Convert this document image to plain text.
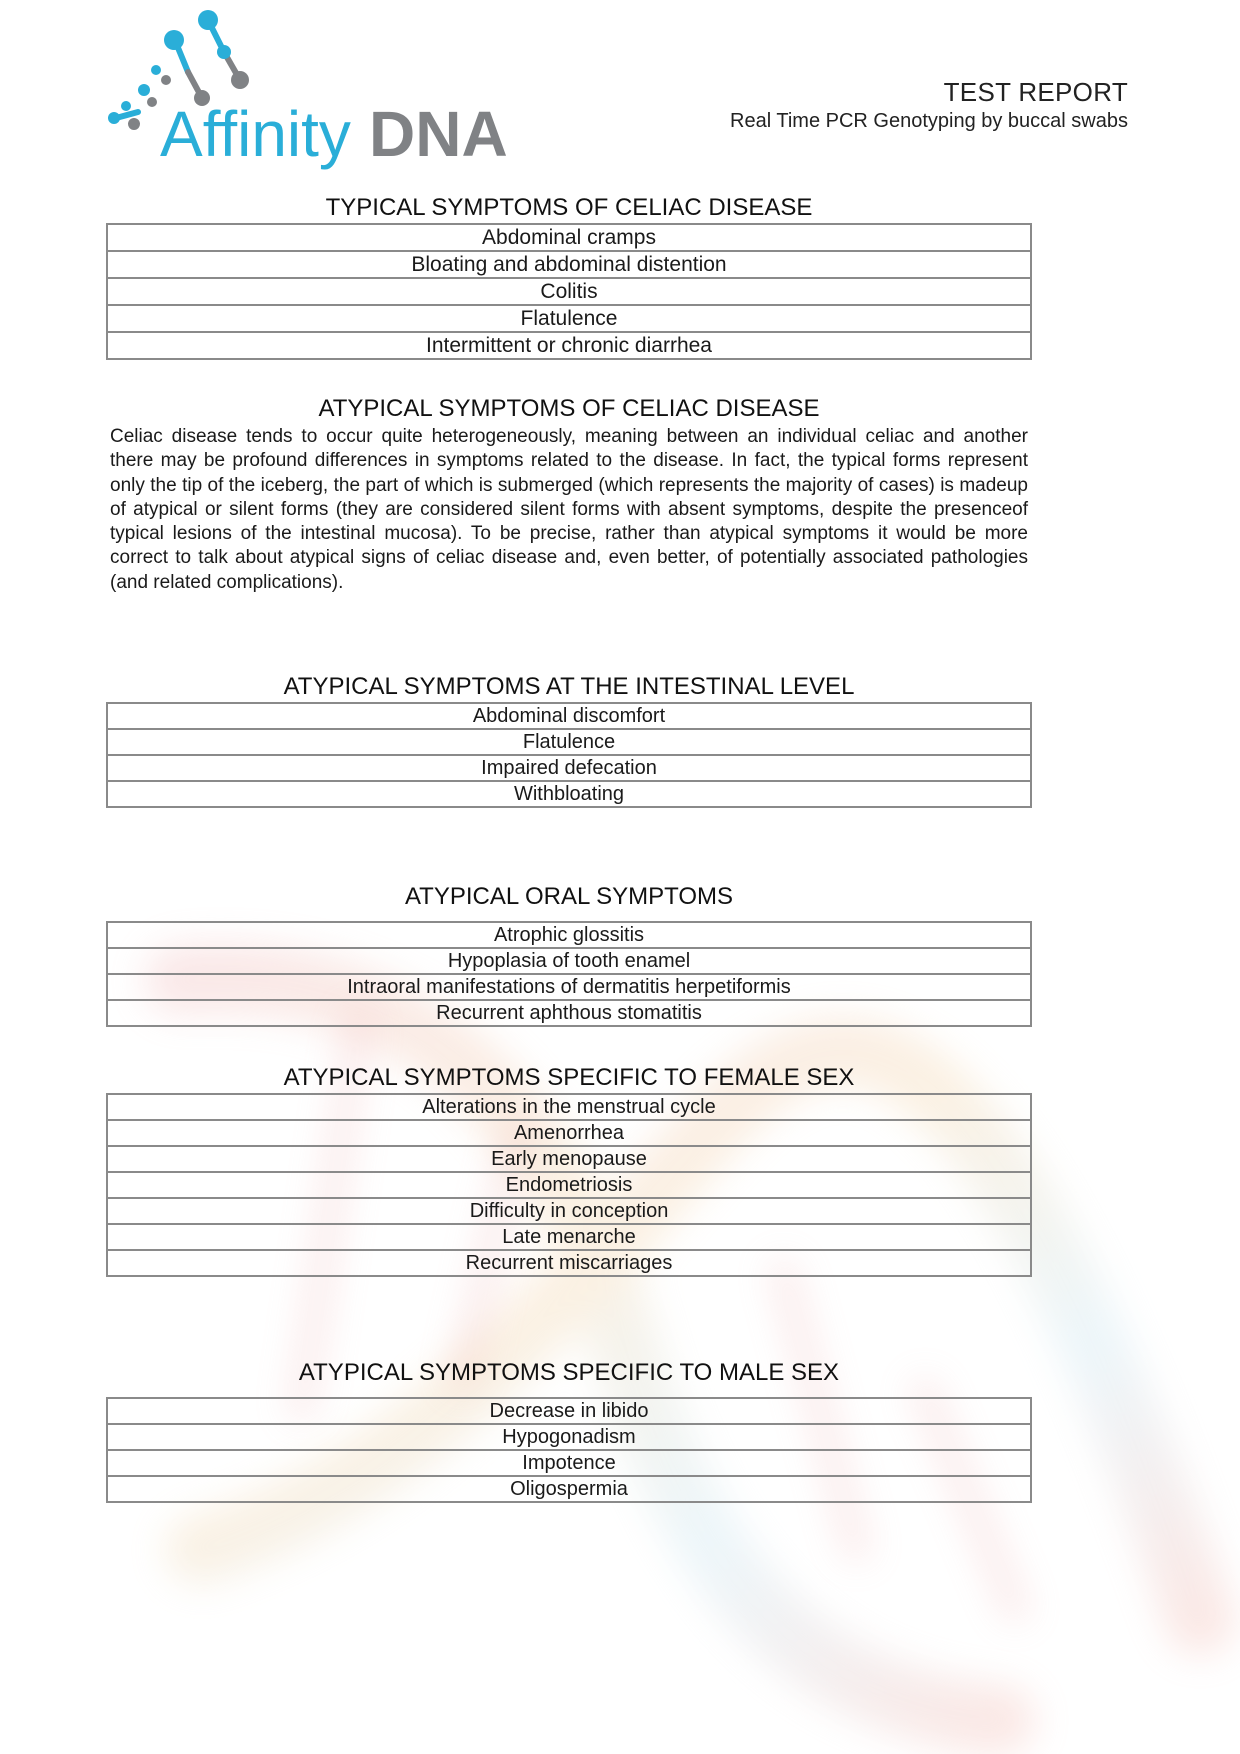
Affinity DNA
TEST REPORT
Real Time PCR Genotyping by buccal swabs
TYPICAL SYMPTOMS OF CELIAC DISEASE
Abdominal cramps
Bloating and abdominal distention
Colitis
Flatulence
Intermittent or chronic diarrhea
ATYPICAL SYMPTOMS OF CELIAC DISEASE
Celiac disease tends to occur quite heterogeneously, meaning between an individual celiac and another there may be profound differences in symptoms related to the disease. In fact, the typical forms represent only the tip of the iceberg, the part of which is submerged (which represents the majority of cases) is madeup of atypical or silent forms (they are considered silent forms with absent symptoms, despite the presenceof typical lesions of the intestinal mucosa). To be precise, rather than atypical symptoms it would be more correct to talk about atypical signs of celiac disease and, even better, of potentially associated pathologies (and related complications).
ATYPICAL SYMPTOMS AT THE INTESTINAL LEVEL
Abdominal discomfort
Flatulence
Impaired defecation
Withbloating
ATYPICAL ORAL SYMPTOMS
Atrophic glossitis
Hypoplasia of tooth enamel
Intraoral manifestations of dermatitis herpetiformis
Recurrent aphthous stomatitis
ATYPICAL SYMPTOMS SPECIFIC TO FEMALE SEX
Alterations in the menstrual cycle
Amenorrhea
Early menopause
Endometriosis
Difficulty in conception
Late menarche
Recurrent miscarriages
ATYPICAL SYMPTOMS SPECIFIC TO MALE SEX
Decrease in libido
Hypogonadism
Impotence
Oligospermia
